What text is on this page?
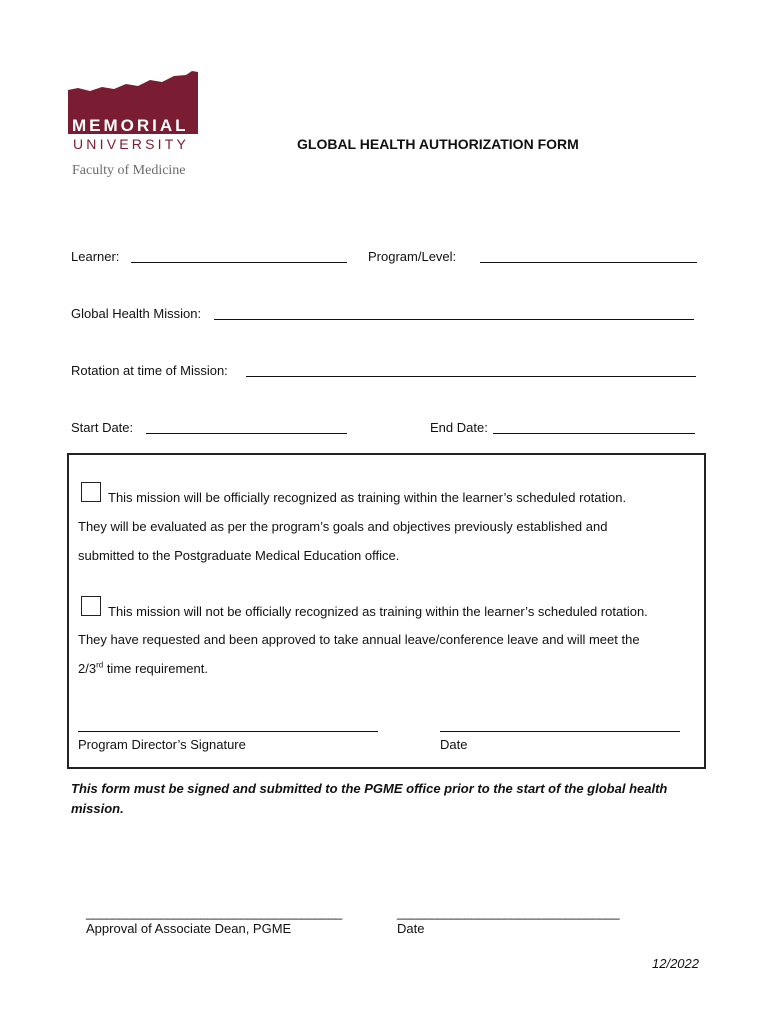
MEMORIAL
UNIVERSITY
Faculty of Medicine
GLOBAL HEALTH AUTHORIZATION FORM
Learner:	Program/Level:
Global Health Mission:
Rotation at time of Mission:
Start Date:	End Date:
This mission will be officially recognized as training within the learner’s scheduled rotation.
They will be evaluated as per the program’s goals and objectives previously established and
submitted to the Postgraduate Medical Education office.
This mission will not be officially recognized as training within the learner’s scheduled rotation.
They have requested and been approved to take annual leave/conference leave and will meet the
2/3rd time requirement.
Program Director’s Signature	Date
This form must be signed and submitted to the PGME office prior to the start of the global health mission.
______________________________________
Approval of Associate Dean, PGME
_________________________________
Date
12/2022
